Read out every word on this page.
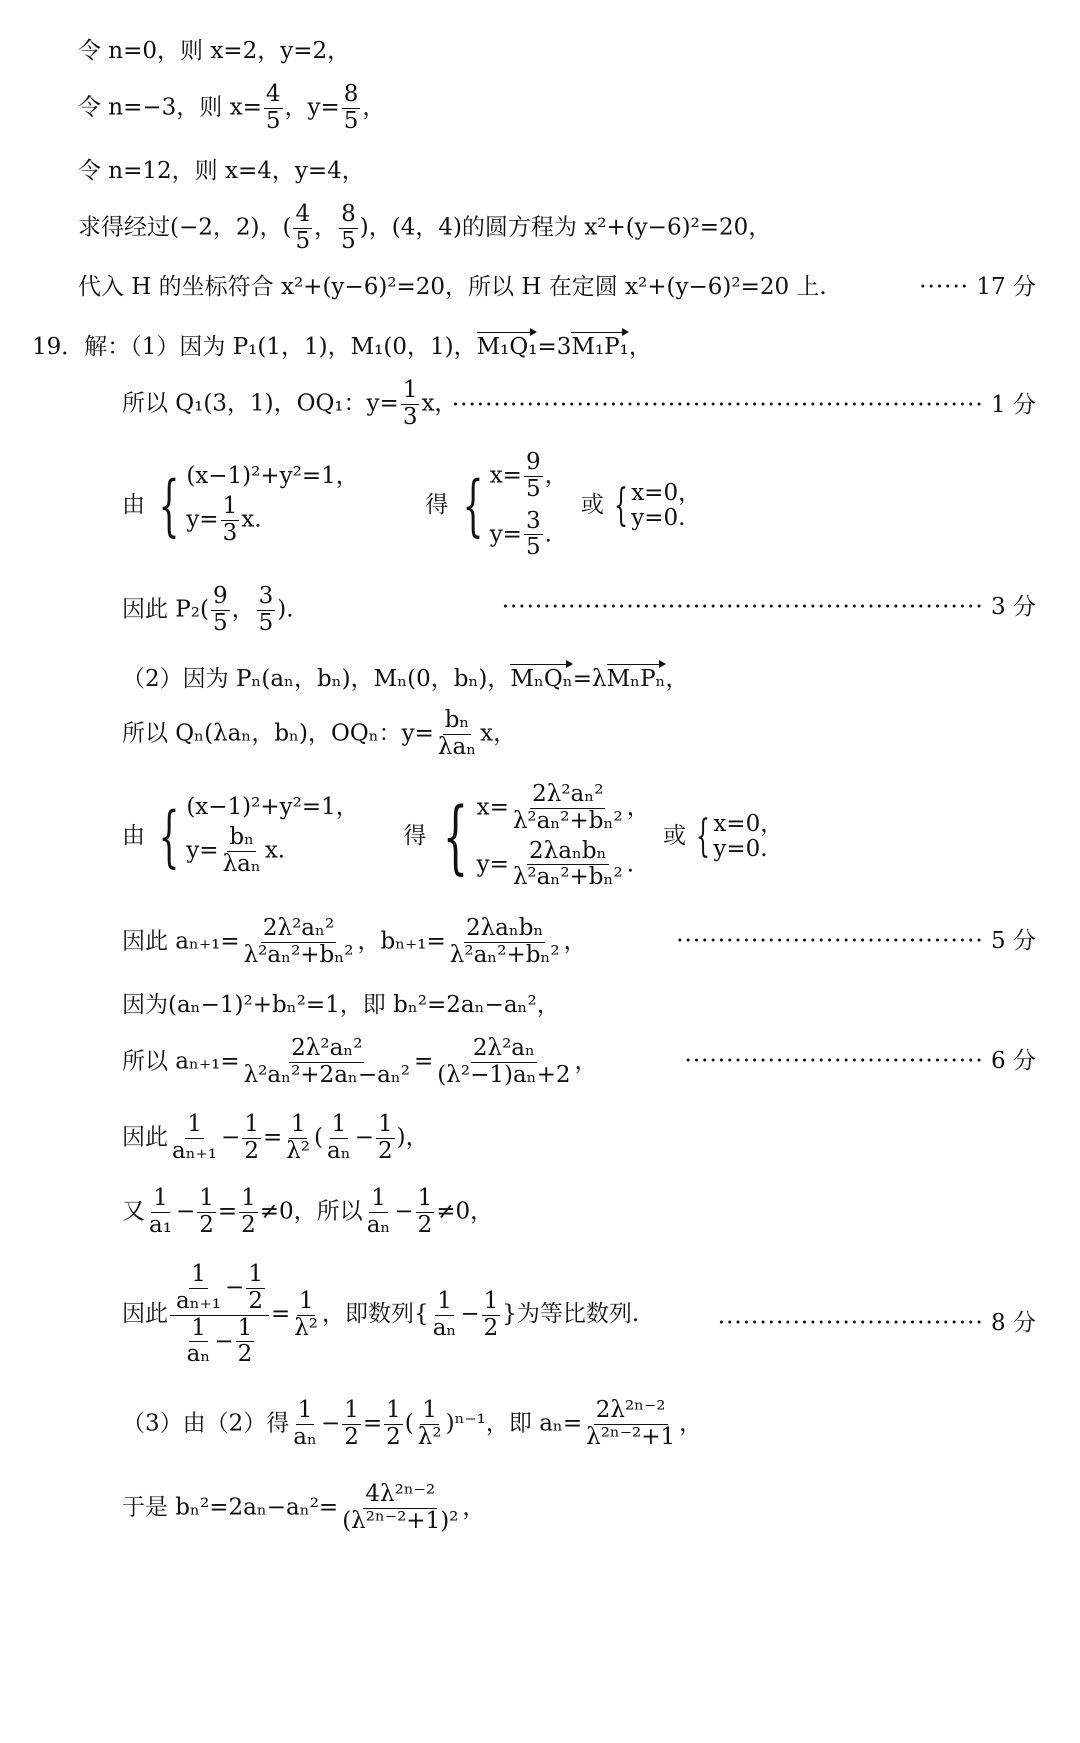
令 n=0，则 x=2，y=2，
令 n=−3，则 $x= \frac{4}{5}$ ，$y= \frac{8}{5}$ ，
令 n=12，则 x=4，y=4，
求得经过(−2，2)，( $\frac{4}{5}$ ， $\frac{8}{5}$ )，(4，4)的圆方程为 x²+(y−6)²=20，
代入 H 的坐标符合 x²+(y−6)²=20，所以 H 在定圆 x²+(y−6)²=20 上.	······ 17 分
19．解：（1）因为 P₁(1，1)，M₁(0，1)，M₁Q₁=3M₁P₁，
所以 Q₁(3，1)，OQ₁：$y= \frac{1}{3}$ x，
································································ 1 分
由 { (x−1)²+y²=1，
$y= \frac{1}{3} x$.
得 { $x= \frac{9}{5}$ ，
$y= \frac{3}{5}$ .
或 { x=0，
y=0.
因此 $P_2( \frac{9}{5}$ ， $\frac{3}{5}$ ).	·························································· 3 分
（2）因为 Pₙ(aₙ，bₙ)，Mₙ(0，bₙ)，MₙQₙ=λMₙPₙ，
所以 Qₙ(λaₙ，bₙ)，OQₙ：$y= \frac{\text{bₙ}}{\text{λaₙ}}$ x，
由 { (x−1)²+y²=1，
$y= \frac{\text{bₙ}}{\text{λaₙ}} x$.
得 { $x= \frac{\text{2λ²aₙ²}}{\text{λ²aₙ²+bₙ²}}$ ，
$y= \frac{\text{2λaₙbₙ}}{\text{λ²aₙ²+bₙ²}}$ .
或 { x=0，
y=0.
因此 $a_{n+1}= \frac{\text{2λ²aₙ²}}{\text{λ²aₙ²+bₙ²}}$ ，$b_{n+1}= \frac{\text{2λaₙbₙ}}{\text{λ²aₙ²+bₙ²}}$ ，	····································· 5 分
因为(aₙ−1)²+bₙ²=1，即 bₙ²=2aₙ−aₙ²，
所以 $a_{n+1}= \frac{\text{2λ²aₙ²}}{\text{λ²aₙ²+2aₙ−aₙ²}} = \frac{\text{2λ²aₙ}}{\text{(λ²−1)aₙ+2}}$ ，	···································· 6 分
因此 $\frac{1}{\text{aₙ₊₁}} - \frac{1}{2} = \frac{1}{\text{λ²}}$ ( $\frac{1}{\text{aₙ}} - \frac{1}{2}$ )，
又 $\frac{1}{\text{a₁}} - \frac{1}{2} = \frac{1}{2} \ne 0$，所以 $\frac{1}{\text{aₙ}} - \frac{1}{2} \ne 0$，
因此 $\frac{\frac{1}{\text{aₙ₊₁}} - \frac{1}{2}}{\frac{1}{\text{aₙ}} - \frac{1}{2}} = \frac{1}{\text{λ²}}$ ，即数列{ $\frac{1}{\text{aₙ}} - \frac{1}{2}$ }为等比数列.	································ 8 分
（3）由（2）得 $\frac{1}{\text{aₙ}} - \frac{1}{2} = \frac{1}{2}$ ( $\frac{1}{\text{λ²}} )^{n-1}$，即 $a_n= \frac{\text{2λ²ⁿ⁻²}}{\text{λ²ⁿ⁻²+1}}$ ，
于是 $b_n^2=2a_n-a_n^2= \frac{\text{4λ²ⁿ⁻²}}{\text{(λ²ⁿ⁻²+1)²}}$ ，
